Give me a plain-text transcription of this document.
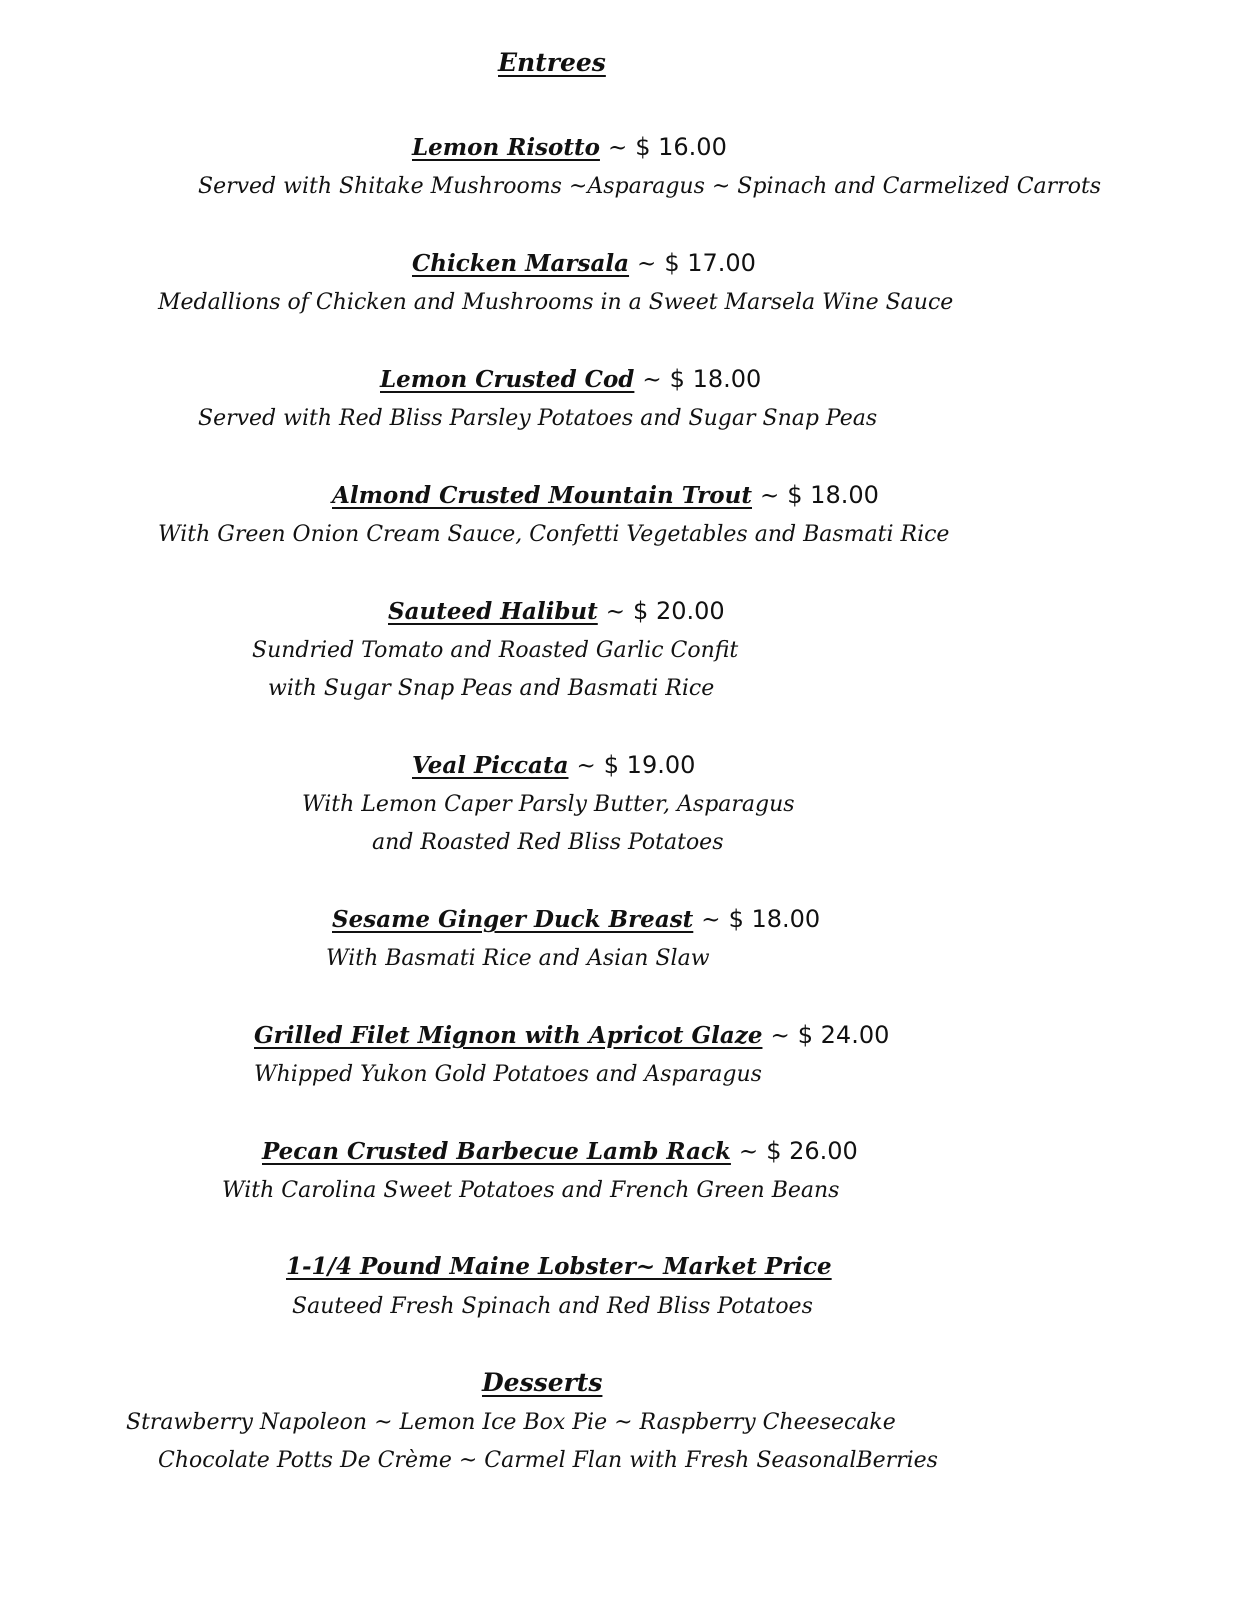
Entrees
Lemon Risotto ~ $ 16.00
Served with Shitake Mushrooms ~Asparagus ~ Spinach and Carmelized Carrots
Chicken Marsala ~ $ 17.00
Medallions of Chicken and Mushrooms in a Sweet Marsela Wine Sauce
Lemon Crusted Cod ~ $ 18.00
Served with Red Bliss Parsley Potatoes and Sugar Snap Peas
Almond Crusted Mountain Trout ~ $ 18.00
With Green Onion Cream Sauce, Confetti Vegetables and Basmati Rice
Sauteed Halibut ~ $ 20.00
Sundried Tomato and Roasted Garlic Confit
with Sugar Snap Peas and Basmati Rice
Veal Piccata ~ $ 19.00
With Lemon Caper Parsly Butter, Asparagus
and Roasted Red Bliss Potatoes
Sesame Ginger Duck Breast ~ $ 18.00
With Basmati Rice and Asian Slaw
Grilled Filet Mignon with Apricot Glaze ~ $ 24.00
Whipped Yukon Gold Potatoes and Asparagus
Pecan Crusted Barbecue Lamb Rack ~ $ 26.00
With Carolina Sweet Potatoes and French Green Beans
1-1/4 Pound Maine Lobster~ Market Price
Sauteed Fresh Spinach and Red Bliss Potatoes
Desserts
Strawberry Napoleon ~ Lemon Ice Box Pie ~ Raspberry Cheesecake
Chocolate Potts De Crème ~ Carmel Flan with Fresh SeasonalBerries
